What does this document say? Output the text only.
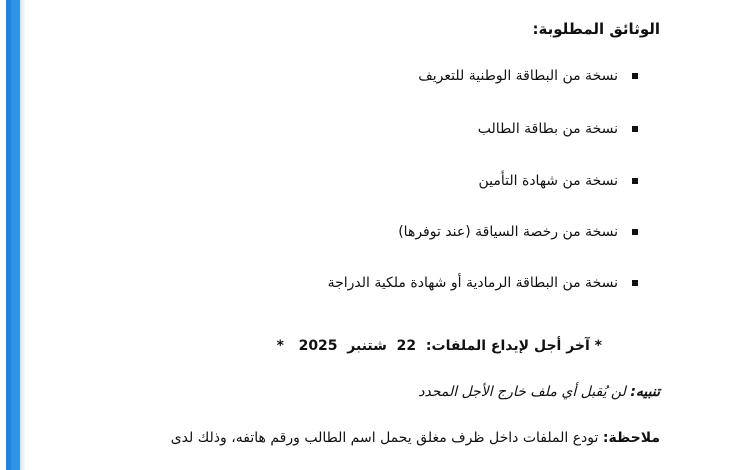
الوثائق المطلوبة:
نسخة من البطاقة الوطنية للتعريف
نسخة من بطاقة الطالب
نسخة من شهادة التأمين
نسخة من رخصة السياقة (عند توفرها)
نسخة من البطاقة الرمادية أو شهادة ملكية الدراجة
* آخر أجل لإيداع الملفات:  22  شتنبر  2025   *
تنبيه: لن يُقبل أي ملف خارج الأجل المحدد
ملاحظة: تودع الملفات داخل ظرف مغلق يحمل اسم الطالب ورقم هاتفه، وذلك لدى
